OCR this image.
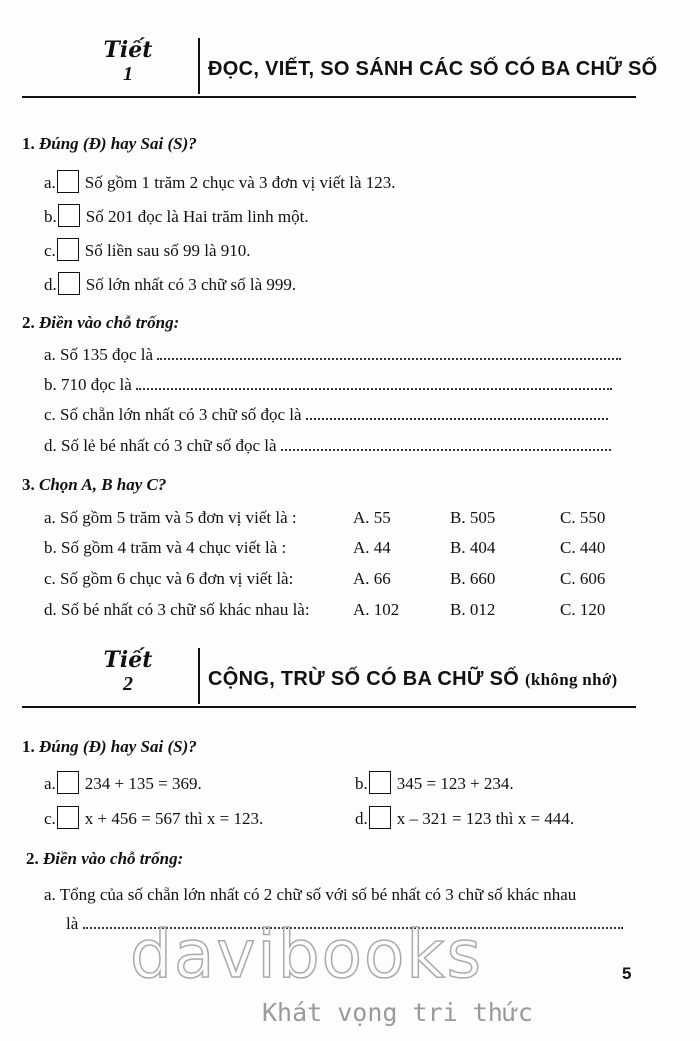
Tiết
1	ĐỌC, VIẾT, SO SÁNH CÁC SỐ CÓ BA CHỮ SỐ
1. Đúng (Đ) hay Sai (S)?
a. Số gồm 1 trăm 2 chục và 3 đơn vị viết là 123.
b. Số 201 đọc là Hai trăm linh một.
c. Số liền sau số 99 là 910.
d. Số lớn nhất có 3 chữ số là 999.
2. Điền vào chỗ trống:
a. Số 135 đọc là
b. 710 đọc là
c. Số chẵn lớn nhất có 3 chữ số đọc là
d. Số lẻ bé nhất có 3 chữ số đọc là
3. Chọn A, B hay C?
a. Số gồm 5 trăm và 5 đơn vị viết là :	A. 55	B. 505	C. 550
b. Số gồm 4 trăm và 4 chục viết là :	A. 44	B. 404	C. 440
c. Số gồm 6 chục và 6 đơn vị viết là:	A. 66	B. 660	C. 606
d. Số bé nhất có 3 chữ số khác nhau là:	A. 102	B. 012	C. 120
Tiết
2	CỘNG, TRỪ SỐ CÓ BA CHỮ SỐ (không nhớ)
1. Đúng (Đ) hay Sai (S)?
a. 234 + 135 = 369.	b. 345 = 123 + 234.
c. x + 456 = 567 thì x = 123.	d. x – 321 = 123 thì x = 444.
2. Điền vào chỗ trống:
a. Tổng của số chẵn lớn nhất có 2 chữ số với số bé nhất có 3 chữ số khác nhau
là
5
davibooks
Khát vọng tri thức
